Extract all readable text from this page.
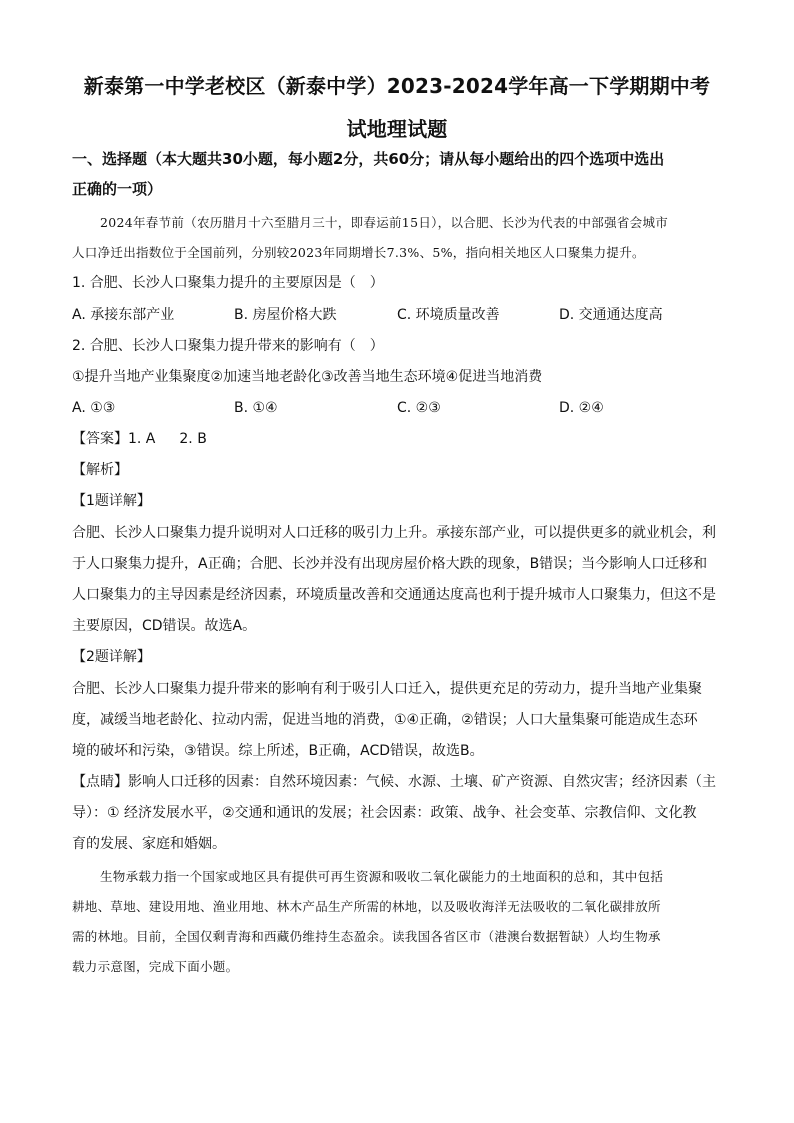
新泰第一中学老校区（新泰中学）2023-2024学年高一下学期期中考
试地理试题
一、选择题（本大题共30小题，每小题2分，共60分；请从每小题给出的四个选项中选出
正确的一项）
2024年春节前（农历腊月十六至腊月三十，即春运前15日），以合肥、长沙为代表的中部强省会城市
人口净迁出指数位于全国前列，分别较2023年同期增长7.3%、5%，指向相关地区人口聚集力提升。
1. 合肥、长沙人口聚集力提升的主要原因是（　）
A. 承接东部产业	B. 房屋价格大跌	C. 环境质量改善	D. 交通通达度高
2. 合肥、长沙人口聚集力提升带来的影响有（　）
①提升当地产业集聚度②加速当地老龄化③改善当地生态环境④促进当地消费
A. ①③	B. ①④	C. ②③	D. ②④
【答案】1. A 2. B
【解析】
【1题详解】
合肥、长沙人口聚集力提升说明对人口迁移的吸引力上升。承接东部产业，可以提供更多的就业机会，利
于人口聚集力提升，A正确；合肥、长沙并没有出现房屋价格大跌的现象，B错误；当今影响人口迁移和
人口聚集力的主导因素是经济因素，环境质量改善和交通通达度高也利于提升城市人口聚集力，但这不是
主要原因，CD错误。故选A。
【2题详解】
合肥、长沙人口聚集力提升带来的影响有利于吸引人口迁入，提供更充足的劳动力，提升当地产业集聚
度，减缓当地老龄化、拉动内需，促进当地的消费，①④正确，②错误；人口大量集聚可能造成生态环
境的破坏和污染，③错误。综上所述，B正确，ACD错误，故选B。
【点睛】影响人口迁移的因素：自然环境因素：气候、水源、土壤、矿产资源、自然灾害；经济因素（主
导）：① 经济发展水平，②交通和通讯的发展；社会因素：政策、战争、社会变革、宗教信仰、文化教
育的发展、家庭和婚姻。
生物承载力指一个国家或地区具有提供可再生资源和吸收二氧化碳能力的土地面积的总和，其中包括
耕地、草地、建设用地、渔业用地、林木产品生产所需的林地，以及吸收海洋无法吸收的二氧化碳排放所
需的林地。目前，全国仅剩青海和西藏仍维持生态盈余。读我国各省区市（港澳台数据暂缺）人均生物承
载力示意图，完成下面小题。
